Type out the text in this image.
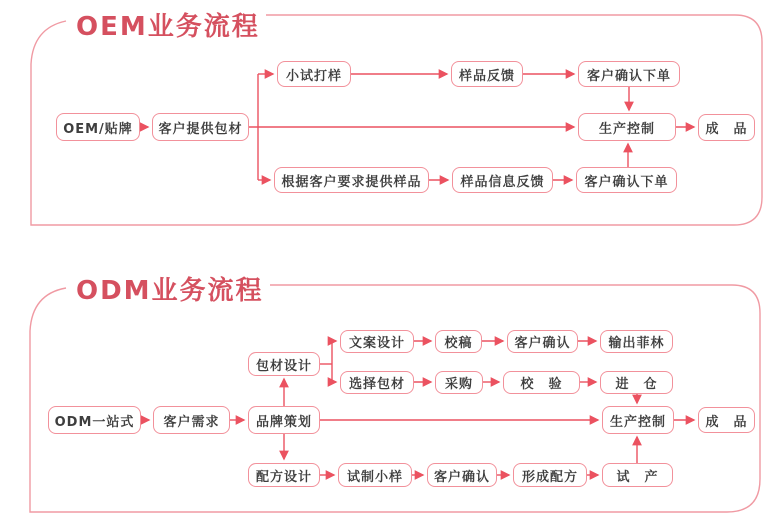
OEM业务流程
ODM业务流程
OEM/贴牌	客户提供包材
小试打样	样品反馈	客户确认下单
生产控制	成　品
根据客户要求提供样品	样品信息反馈	客户确认下单
ODM一站式	客户需求	品牌策划
包材设计
文案设计	校稿	客户确认	输出菲林
选择包材	采购	校　验	进　仓
配方设计	试制小样	客户确认	形成配方	试　产
生产控制	成　品
